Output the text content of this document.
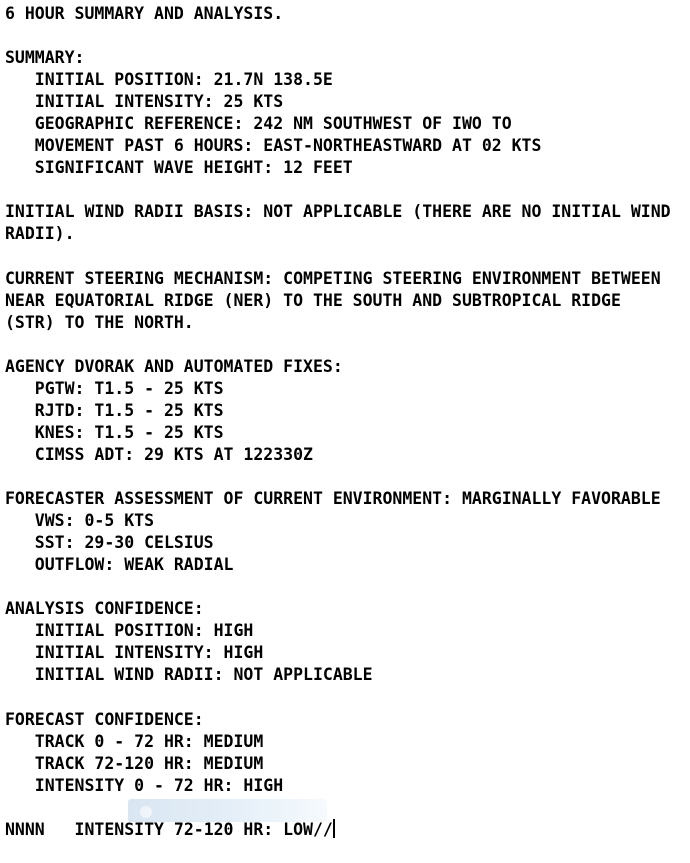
6 HOUR SUMMARY AND ANALYSIS.
SUMMARY:
INITIAL POSITION: 21.7N 138.5E
INITIAL INTENSITY: 25 KTS
GEOGRAPHIC REFERENCE: 242 NM SOUTHWEST OF IWO TO
MOVEMENT PAST 6 HOURS: EAST-NORTHEASTWARD AT 02 KTS
SIGNIFICANT WAVE HEIGHT: 12 FEET
INITIAL WIND RADII BASIS: NOT APPLICABLE (THERE ARE NO INITIAL WIND
RADII).
CURRENT STEERING MECHANISM: COMPETING STEERING ENVIRONMENT BETWEEN
NEAR EQUATORIAL RIDGE (NER) TO THE SOUTH AND SUBTROPICAL RIDGE
(STR) TO THE NORTH.
AGENCY DVORAK AND AUTOMATED FIXES:
PGTW: T1.5 - 25 KTS
RJTD: T1.5 - 25 KTS
KNES: T1.5 - 25 KTS
CIMSS ADT: 29 KTS AT 122330Z
FORECASTER ASSESSMENT OF CURRENT ENVIRONMENT: MARGINALLY FAVORABLE
VWS: 0-5 KTS
SST: 29-30 CELSIUS
OUTFLOW: WEAK RADIAL
ANALYSIS CONFIDENCE:
INITIAL POSITION: HIGH
INITIAL INTENSITY: HIGH
INITIAL WIND RADII: NOT APPLICABLE
FORECAST CONFIDENCE:
TRACK 0 - 72 HR: MEDIUM
TRACK 72-120 HR: MEDIUM
INTENSITY 0 - 72 HR: HIGH

INTENSITY 72-120 HR: LOW//

NNNN
